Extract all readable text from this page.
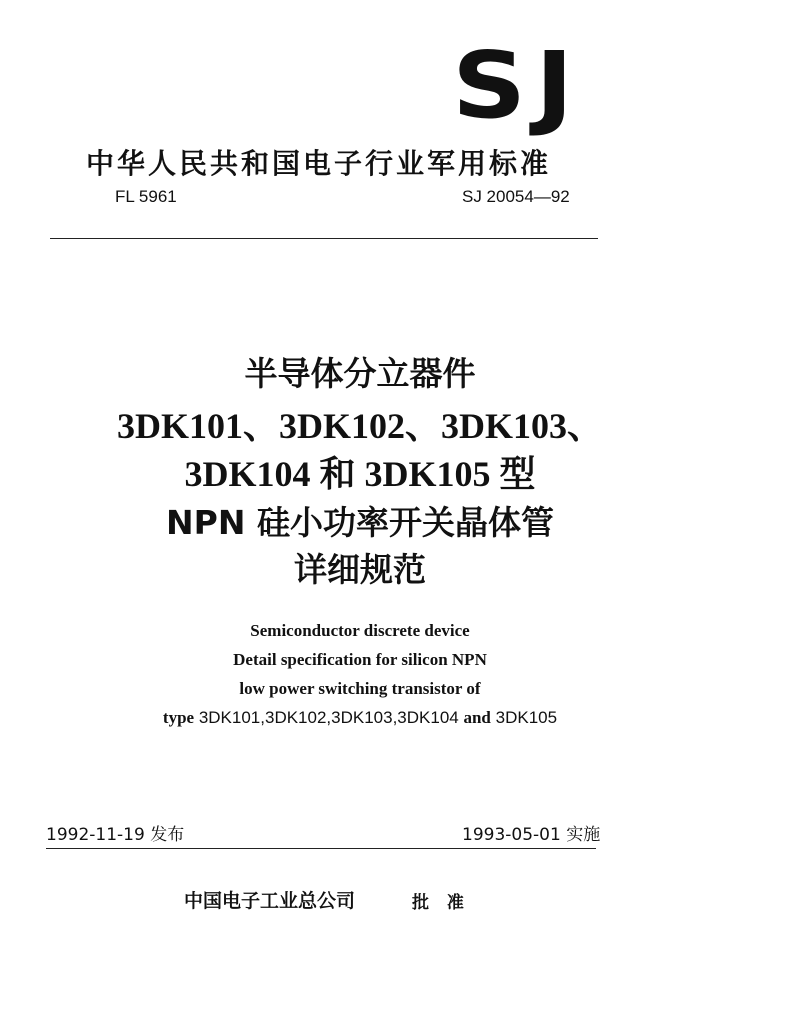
SJ
中华人民共和国电子行业军用标准
FL 5961	SJ 20054—92
半导体分立器件
3DK101、3DK102、3DK103、
3DK104 和 3DK105 型
NPN 硅小功率开关晶体管
详细规范
Semiconductor discrete device
Detail specification for silicon NPN
low power switching transistor of
type 3DK101,3DK102,3DK103,3DK104 and 3DK105
1992-11-19 发布	1993-05-01 实施
中国电子工业总公司	批 准
